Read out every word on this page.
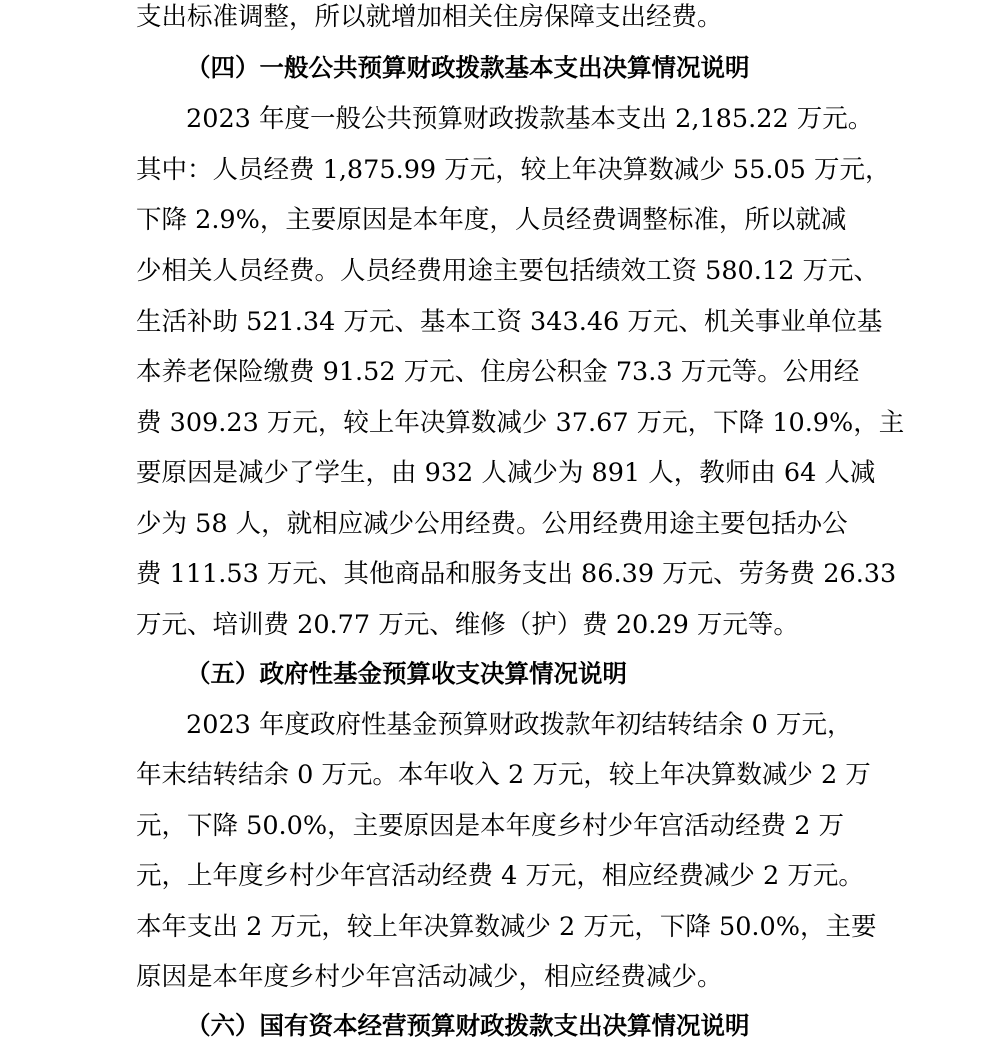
支出标准调整，所以就增加相关住房保障支出经费。
（四）一般公共预算财政拨款基本支出决算情况说明
2023 年度一般公共预算财政拨款基本支出 2,185.22 万元。
其中：人员经费 1,875.99 万元，较上年决算数减少 55.05 万元，
下降 2.9%，主要原因是本年度，人员经费调整标准，所以就减
少相关人员经费。人员经费用途主要包括绩效工资 580.12 万元、
生活补助 521.34 万元、基本工资 343.46 万元、机关事业单位基
本养老保险缴费 91.52 万元、住房公积金 73.3 万元等。公用经
费 309.23 万元，较上年决算数减少 37.67 万元，下降 10.9%，主
要原因是减少了学生，由 932 人减少为 891 人，教师由 64 人减
少为 58 人，就相应减少公用经费。公用经费用途主要包括办公
费 111.53 万元、其他商品和服务支出 86.39 万元、劳务费 26.33
万元、培训费 20.77 万元、维修（护）费 20.29 万元等。
（五）政府性基金预算收支决算情况说明
2023 年度政府性基金预算财政拨款年初结转结余 0 万元，
年末结转结余 0 万元。本年收入 2 万元，较上年决算数减少 2 万
元，下降 50.0%，主要原因是本年度乡村少年宫活动经费 2 万
元，上年度乡村少年宫活动经费 4 万元，相应经费减少 2 万元。
本年支出 2 万元，较上年决算数减少 2 万元，下降 50.0%，主要
原因是本年度乡村少年宫活动减少，相应经费减少。
（六）国有资本经营预算财政拨款支出决算情况说明
